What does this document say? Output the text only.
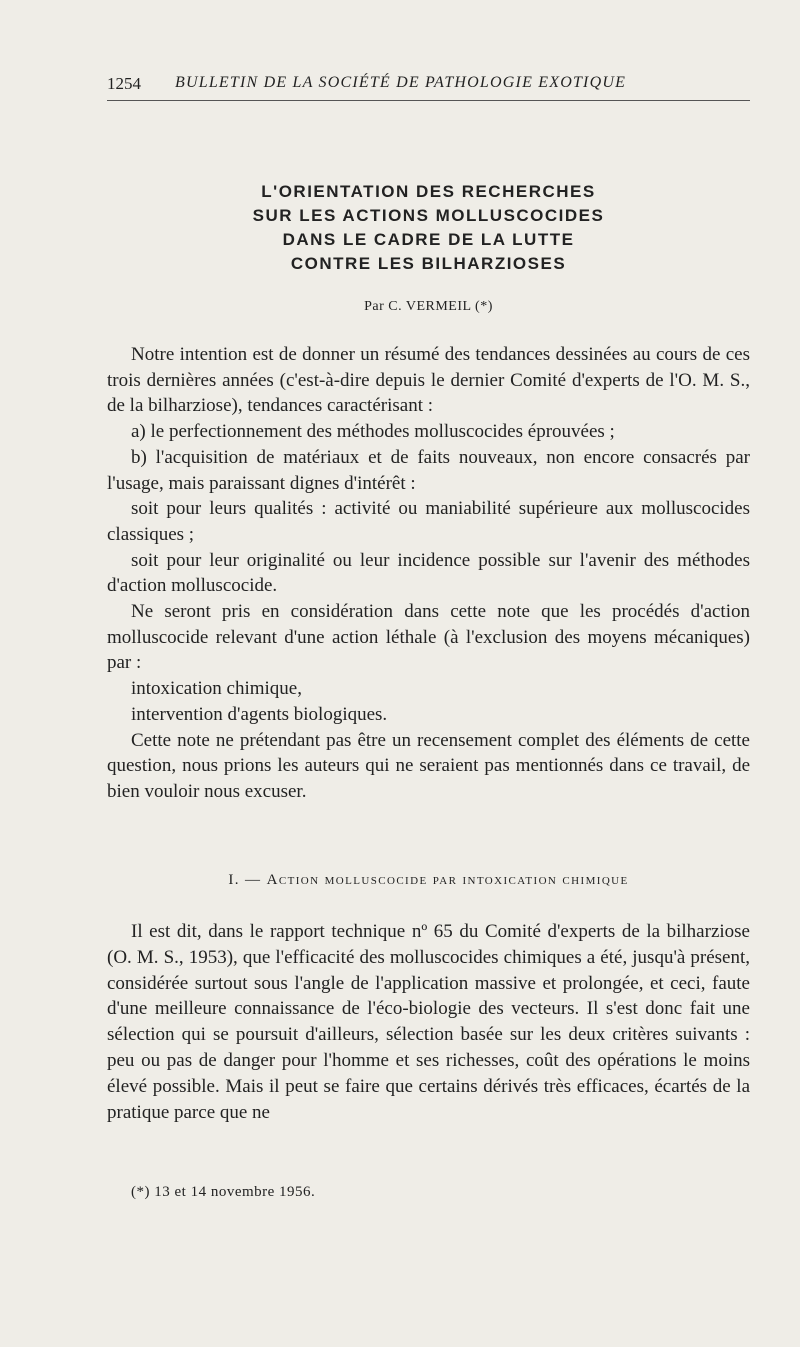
1254 BULLETIN DE LA SOCIÉTÉ DE PATHOLOGIE EXOTIQUE
L'ORIENTATION DES RECHERCHES
SUR LES ACTIONS MOLLUSCOCIDES
DANS LE CADRE DE LA LUTTE
CONTRE LES BILHARZIOSES
Par C. VERMEIL (*)

Notre intention est de donner un résumé des tendances dessinées au cours de ces trois dernières années (c'est-à-dire depuis le dernier Comité d'experts de l'O. M. S., de la bilharziose), tendances caractérisant :

a) le perfectionnement des méthodes molluscocides éprouvées ;

b) l'acquisition de matériaux et de faits nouveaux, non encore consacrés par l'usage, mais paraissant dignes d'intérêt :

soit pour leurs qualités : activité ou maniabilité supérieure aux molluscocides classiques ;

soit pour leur originalité ou leur incidence possible sur l'avenir des méthodes d'action molluscocide.

Ne seront pris en considération dans cette note que les procédés d'action molluscocide relevant d'une action léthale (à l'exclusion des moyens mécaniques) par :

intoxication chimique,

intervention d'agents biologiques.

Cette note ne prétendant pas être un recensement complet des éléments de cette question, nous prions les auteurs qui ne seraient pas mentionnés dans ce travail, de bien vouloir nous excuser.

I. — Action molluscocide par intoxication chimique

Il est dit, dans le rapport technique nº 65 du Comité d'experts de la bilharziose (O. M. S., 1953), que l'efficacité des molluscocides chimiques a été, jusqu'à présent, considérée surtout sous l'angle de l'application massive et prolongée, et ceci, faute d'une meilleure connaissance de l'éco-biologie des vecteurs. Il s'est donc fait une sélection qui se poursuit d'ailleurs, sélection basée sur les deux critères suivants : peu ou pas de danger pour l'homme et ses richesses, coût des opérations le moins élevé possible. Mais il peut se faire que certains dérivés très efficaces, écartés de la pratique parce que ne

(*) 13 et 14 novembre 1956.
